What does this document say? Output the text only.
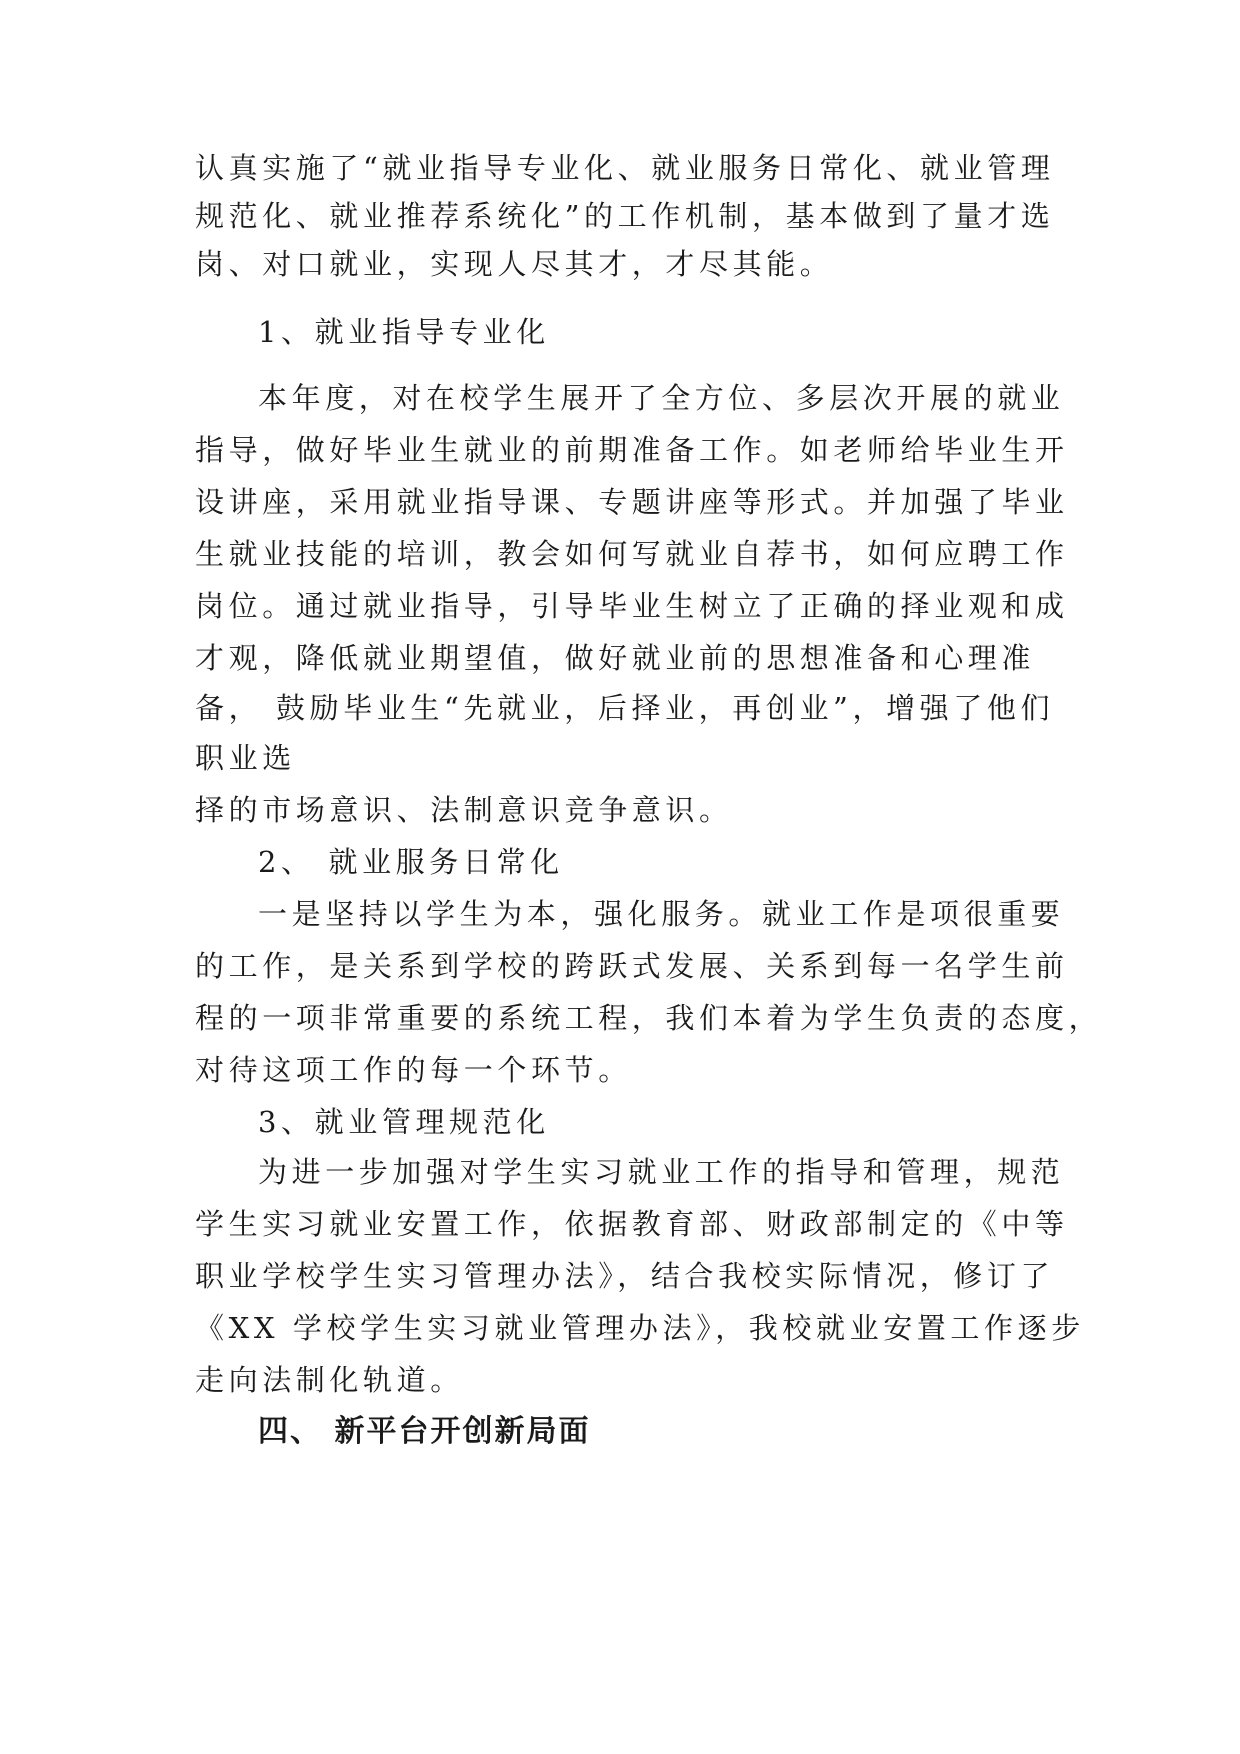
认真实施了“就业指导专业化、就业服务日常化、就业管理

规范化、就业推荐系统化”的工作机制，基本做到了量才选

岗、对口就业，实现人尽其才，才尽其能。

1、就业指导专业化

本年度，对在校学生展开了全方位、多层次开展的就业

指导，做好毕业生就业的前期准备工作。如老师给毕业生开

设讲座，采用就业指导课、专题讲座等形式。并加强了毕业

生就业技能的培训，教会如何写就业自荐书，如何应聘工作

岗位。通过就业指导，引导毕业生树立了正确的择业观和成

才观，降低就业期望值，做好就业前的思想准备和心理准

备， 鼓励毕业生“先就业，后择业，再创业”，增强了他们

职业选

择的市场意识、法制意识竞争意识。

2、 就业服务日常化

一是坚持以学生为本，强化服务。就业工作是项很重要

的工作，是关系到学校的跨跃式发展、关系到每一名学生前

程的一项非常重要的系统工程，我们本着为学生负责的态度，

对待这项工作的每一个环节。

3、就业管理规范化

为进一步加强对学生实习就业工作的指导和管理，规范

学生实习就业安置工作，依据教育部、财政部制定的《中等

职业学校学生实习管理办法》，结合我校实际情况，修订了

《XX 学校学生实习就业管理办法》，我校就业安置工作逐步

走向法制化轨道。

四、 新平台开创新局面
